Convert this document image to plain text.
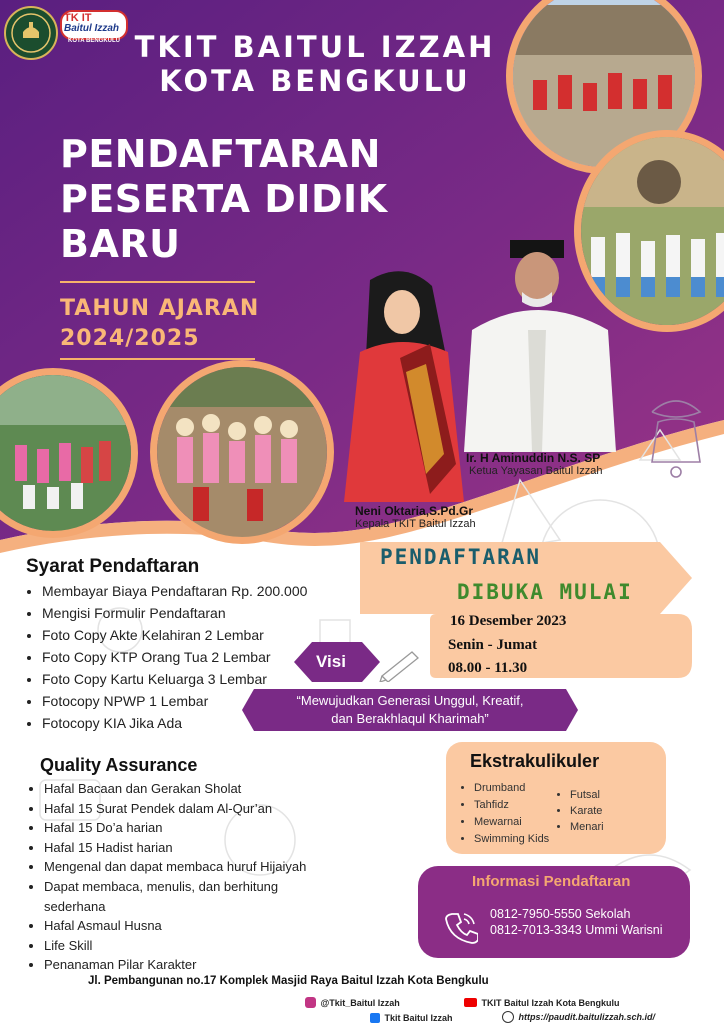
TK IT
Baitul Izzah
KOTA BENGKULU TKIT BAITUL IZZAH
KOTA BENGKULU
PENDAFTARAN
PESERTA DIDIK
BARU
TAHUN AJARAN
2024/2025
Ir. H Aminuddin N.S. SP
Ketua Yayasan Baitul Izzah
Neni Oktaria,S.Pd.Gr
Kepala TKIT Baitul Izzah
Syarat Pendaftaran
• Membayar Biaya Pendaftaran Rp. 200.000
• Mengisi Formulir Pendaftaran
• Foto Copy Akte Kelahiran 2 Lembar
• Foto Copy KTP Orang Tua 2 Lembar
• Foto Copy Kartu Keluarga 3 Lembar
• Fotocopy NPWP 1 Lembar
• Fotocopy KIA Jika Ada
PENDAFTARAN
DIBUKA MULAI
16 Desember 2023
Senin - Jumat
08.00 - 11.30
Visi
“Mewujudkan Generasi Unggul, Kreatif,
dan Berakhlaqul Kharimah”
Quality Assurance
• Hafal Bacaan dan Gerakan Sholat
• Hafal 15 Surat Pendek dalam Al-Qur’an
• Hafal 15 Do’a harian
• Hafal 15 Hadist harian
• Mengenal dan dapat membaca huruf Hijaiyah
• Dapat membaca, menulis, dan berhitung sederhana
• Hafal Asmaul Husna
• Life Skill
• Penanaman Pilar Karakter
Ekstrakulikuler
• Drumband
• Tahfidz
• Mewarnai
• Swimming Kids
• Futsal
• Karate
• Menari
Informasi Pendaftaran
0812-7950-5550 Sekolah
0812-7013-3343 Ummi Warisni
Jl. Pembangunan no.17 Komplek Masjid Raya Baitul Izzah Kota Bengkulu
@Tkit_Baitul Izzah	TKIT Baitul Izzah Kota Bengkulu
Tkit Baitul Izzah	https://paudit.baitulizzah.sch.id/
